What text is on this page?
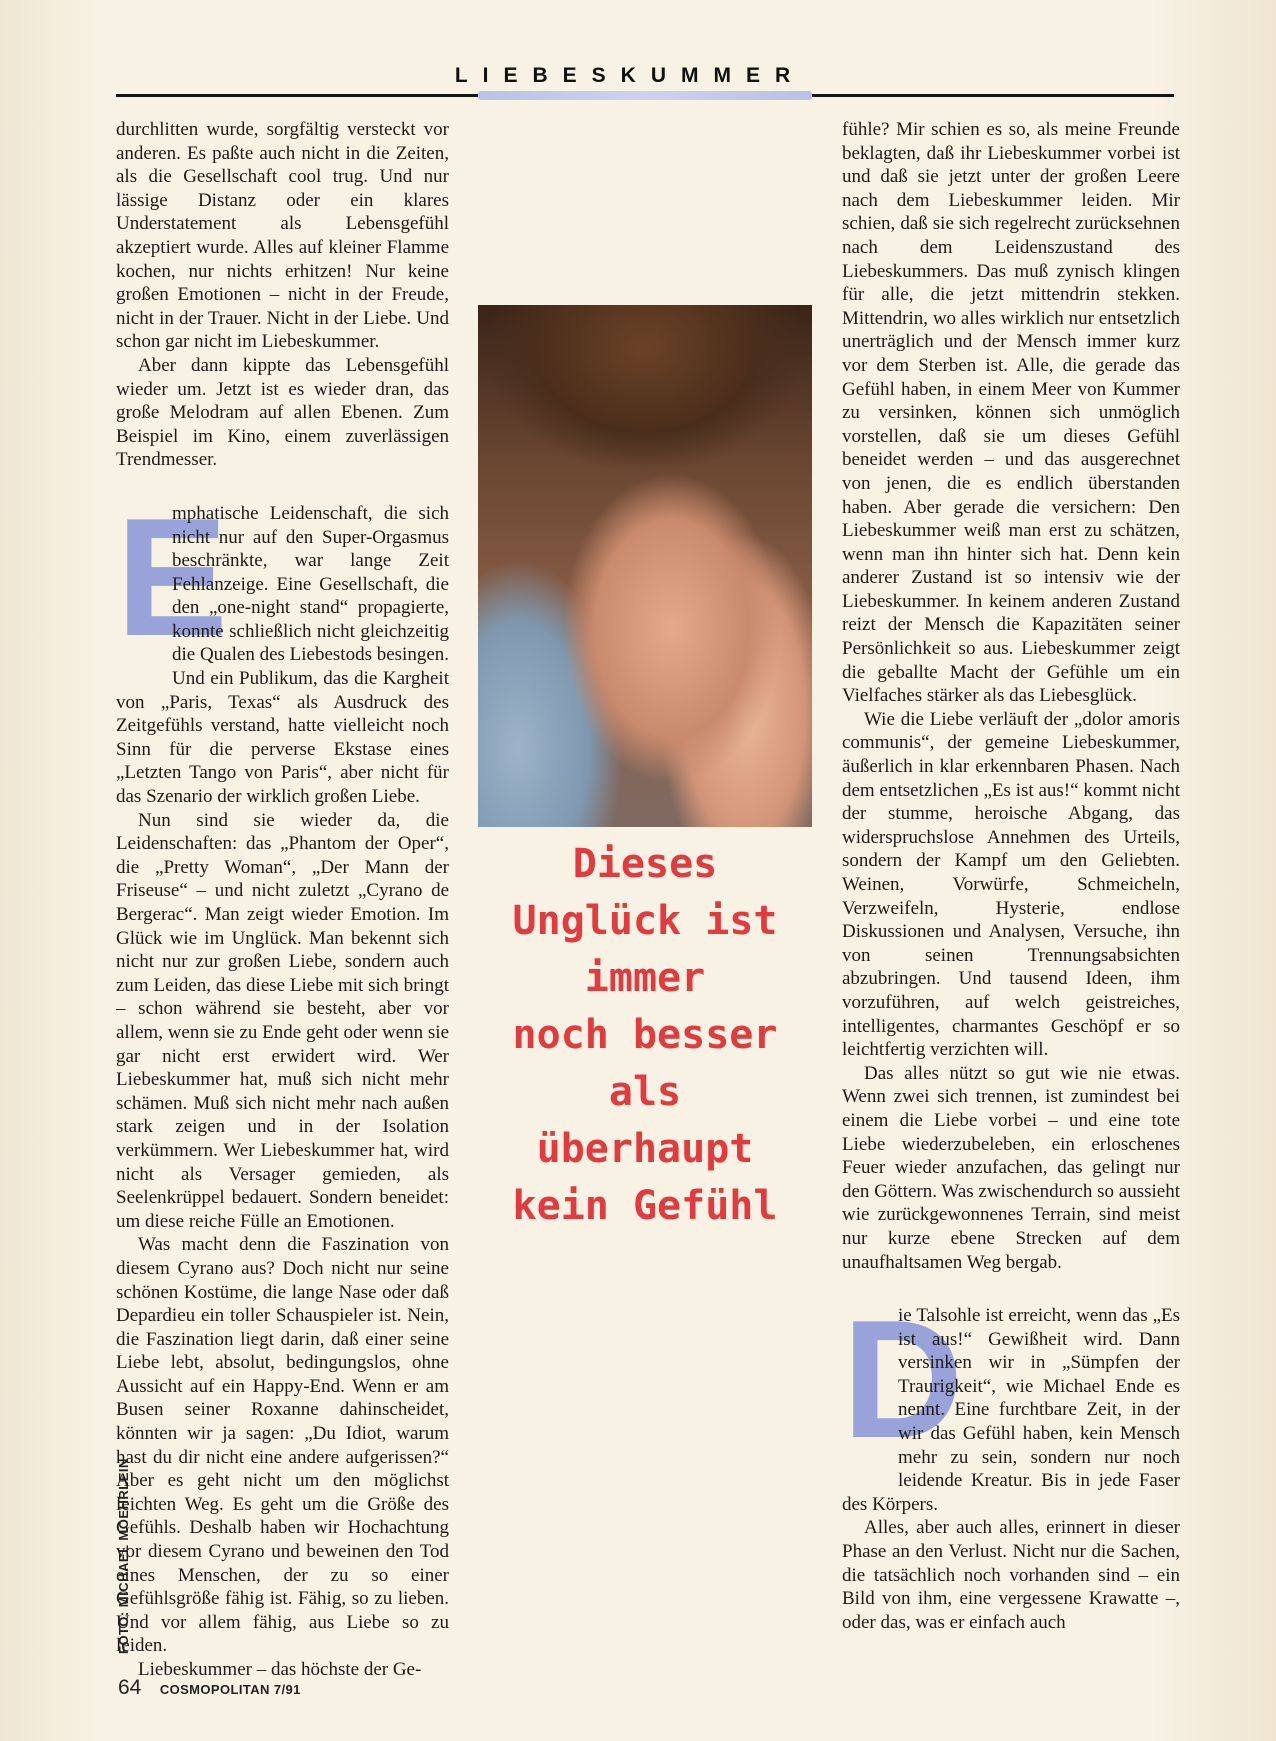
LIEBESKUMMER

durchlitten wurde, sorgfältig versteckt vor anderen. Es paßte auch nicht in die Zeiten, als die Gesellschaft cool trug. Und nur lässige Distanz oder ein klares Understatement als Lebensgefühl akzeptiert wurde. Alles auf kleiner Flamme kochen, nur nichts erhitzen! Nur keine großen Emotionen – nicht in der Freude, nicht in der Trauer. Nicht in der Liebe. Und schon gar nicht im Liebeskummer.

Aber dann kippte das Lebensgefühl wieder um. Jetzt ist es wieder dran, das große Melodram auf allen Ebenen. Zum Beispiel im Kino, einem zuverlässigen Trendmesser.

E
mphatische Leidenschaft, die sich nicht nur auf den Super-Orgasmus beschränkte, war lange Zeit Fehlanzeige. Eine Gesellschaft, die den „one-night stand“ propagierte, konnte schließlich nicht gleichzeitig die Qualen des Liebestods besingen. Und ein Publikum, das die Kargheit von „Paris, Texas“ als Ausdruck des Zeitgefühls verstand, hatte vielleicht noch Sinn für die perverse Ekstase eines „Letzten Tango von Paris“, aber nicht für das Szenario der wirklich großen Liebe.

Nun sind sie wieder da, die Leidenschaften: das „Phantom der Oper“, die „Pretty Woman“, „Der Mann der Friseuse“ – und nicht zuletzt „Cyrano de Bergerac“. Man zeigt wieder Emotion. Im Glück wie im Unglück. Man bekennt sich nicht nur zur großen Liebe, sondern auch zum Leiden, das diese Liebe mit sich bringt – schon während sie besteht, aber vor allem, wenn sie zu Ende geht oder wenn sie gar nicht erst erwidert wird. Wer Liebeskummer hat, muß sich nicht mehr schämen. Muß sich nicht mehr nach außen stark zeigen und in der Isolation verkümmern. Wer Liebeskummer hat, wird nicht als Versager gemieden, als Seelenkrüppel bedauert. Sondern beneidet: um diese reiche Fülle an Emotionen.

Was macht denn die Faszination von diesem Cyrano aus? Doch nicht nur seine schönen Kostüme, die lange Nase oder daß Depardieu ein toller Schauspieler ist. Nein, die Faszination liegt darin, daß einer seine Liebe lebt, absolut, bedingungslos, ohne Aussicht auf ein Happy-End. Wenn er am Busen seiner Roxanne dahinscheidet, könnten wir ja sagen: „Du Idiot, warum hast du dir nicht eine andere aufgerissen?“ Aber es geht nicht um den möglichst leichten Weg. Es geht um die Größe des Gefühls. Deshalb haben wir Hochachtung vor diesem Cyrano und beweinen den Tod eines Menschen, der zu so einer Gefühlsgröße fähig ist. Fähig, so zu lieben. Und vor allem fähig, aus Liebe so zu leiden.

Liebeskummer – das höchste der Ge-

Dieses
Unglück ist
immer
noch besser
als
überhaupt
kein Gefühl

fühle? Mir schien es so, als meine Freunde beklagten, daß ihr Liebeskummer vorbei ist und daß sie jetzt unter der großen Leere nach dem Liebeskummer leiden. Mir schien, daß sie sich regelrecht zurücksehnen nach dem Leidenszustand des Liebeskummers. Das muß zynisch klingen für alle, die jetzt mittendrin stekken. Mittendrin, wo alles wirklich nur entsetzlich unerträglich und der Mensch immer kurz vor dem Sterben ist. Alle, die gerade das Gefühl haben, in einem Meer von Kummer zu versinken, können sich unmöglich vorstellen, daß sie um dieses Gefühl beneidet werden – und das ausgerechnet von jenen, die es endlich überstanden haben. Aber gerade die versichern: Den Liebeskummer weiß man erst zu schätzen, wenn man ihn hinter sich hat. Denn kein anderer Zustand ist so intensiv wie der Liebeskummer. In keinem anderen Zustand reizt der Mensch die Kapazitäten seiner Persönlichkeit so aus. Liebeskummer zeigt die geballte Macht der Gefühle um ein Vielfaches stärker als das Liebesglück.

Wie die Liebe verläuft der „dolor amoris communis“, der gemeine Liebeskummer, äußerlich in klar erkennbaren Phasen. Nach dem entsetzlichen „Es ist aus!“ kommt nicht der stumme, heroische Abgang, das widerspruchslose Annehmen des Urteils, sondern der Kampf um den Geliebten. Weinen, Vorwürfe, Schmeicheln, Verzweifeln, Hysterie, endlose Diskussionen und Analysen, Versuche, ihn von seinen Trennungsabsichten abzubringen. Und tausend Ideen, ihm vorzuführen, auf welch geistreiches, intelligentes, charmantes Geschöpf er so leichtfertig verzichten will.

Das alles nützt so gut wie nie etwas. Wenn zwei sich trennen, ist zumindest bei einem die Liebe vorbei – und eine tote Liebe wiederzubeleben, ein erloschenes Feuer wieder anzufachen, das gelingt nur den Göttern. Was zwischendurch so aussieht wie zurückgewonnenes Terrain, sind meist nur kurze ebene Strecken auf dem unaufhaltsamen Weg bergab.

D
ie Talsohle ist erreicht, wenn das „Es ist aus!“ Gewißheit wird. Dann versinken wir in „Sümpfen der Traurigkeit“, wie Michael Ende es nennt. Eine furchtbare Zeit, in der wir das Gefühl haben, kein Mensch mehr zu sein, sondern nur noch leidende Kreatur. Bis in jede Faser des Körpers.

Alles, aber auch alles, erinnert in dieser Phase an den Verlust. Nicht nur die Sachen, die tatsächlich noch vorhanden sind – ein Bild von ihm, eine vergessene Krawatte –, oder das, was er einfach auch

FOTO: MICHAEL MOEHRLEIN
64 COSMOPOLITAN 7/91
